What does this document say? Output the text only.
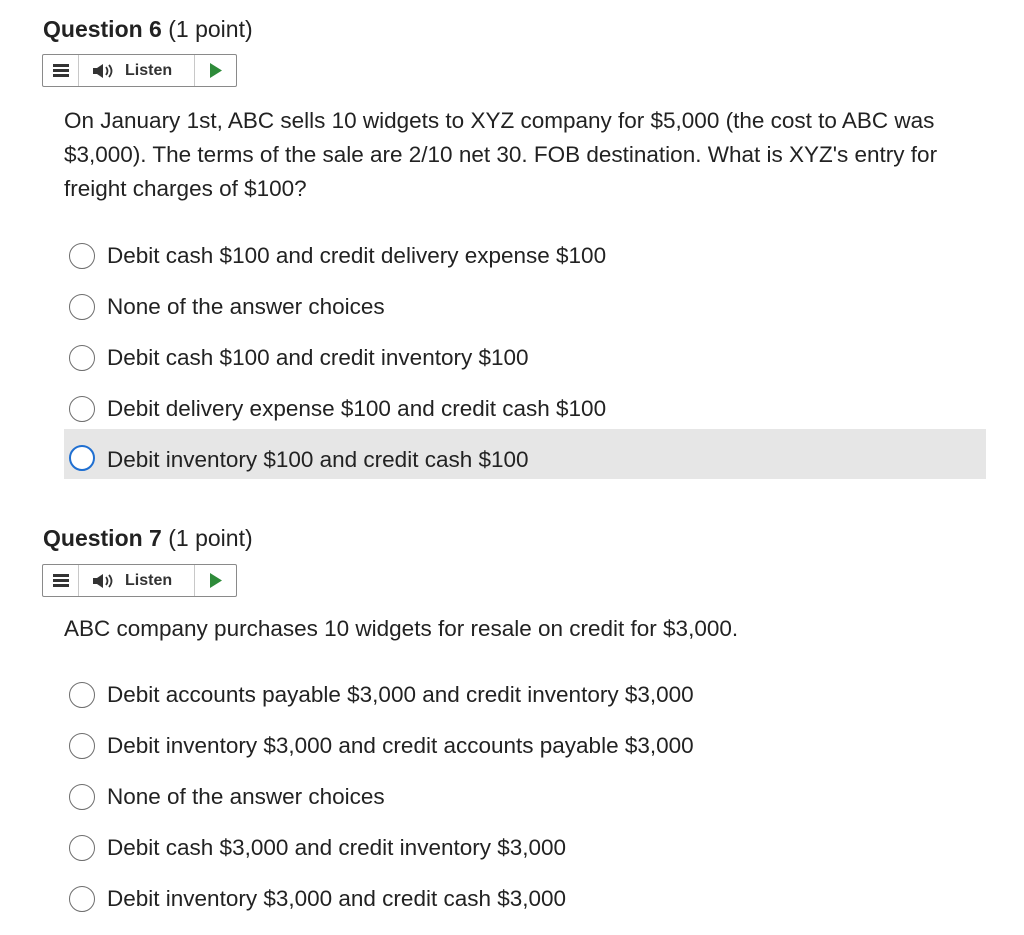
Question 6 (1 point)
Listen
On January 1st, ABC sells 10 widgets to XYZ company for $5,000 (the cost to ABC was $3,000). The terms of the sale are 2/10 net 30. FOB destination. What is XYZ's entry for freight charges of $100?
Debit cash $100 and credit delivery expense $100
None of the answer choices
Debit cash $100 and credit inventory $100
Debit delivery expense $100 and credit cash $100
Debit inventory $100 and credit cash $100
Question 7 (1 point)
Listen
ABC company purchases 10 widgets for resale on credit for $3,000.
Debit accounts payable $3,000 and credit inventory $3,000
Debit inventory $3,000 and credit accounts payable $3,000
None of the answer choices
Debit cash $3,000 and credit inventory $3,000
Debit inventory $3,000 and credit cash $3,000
